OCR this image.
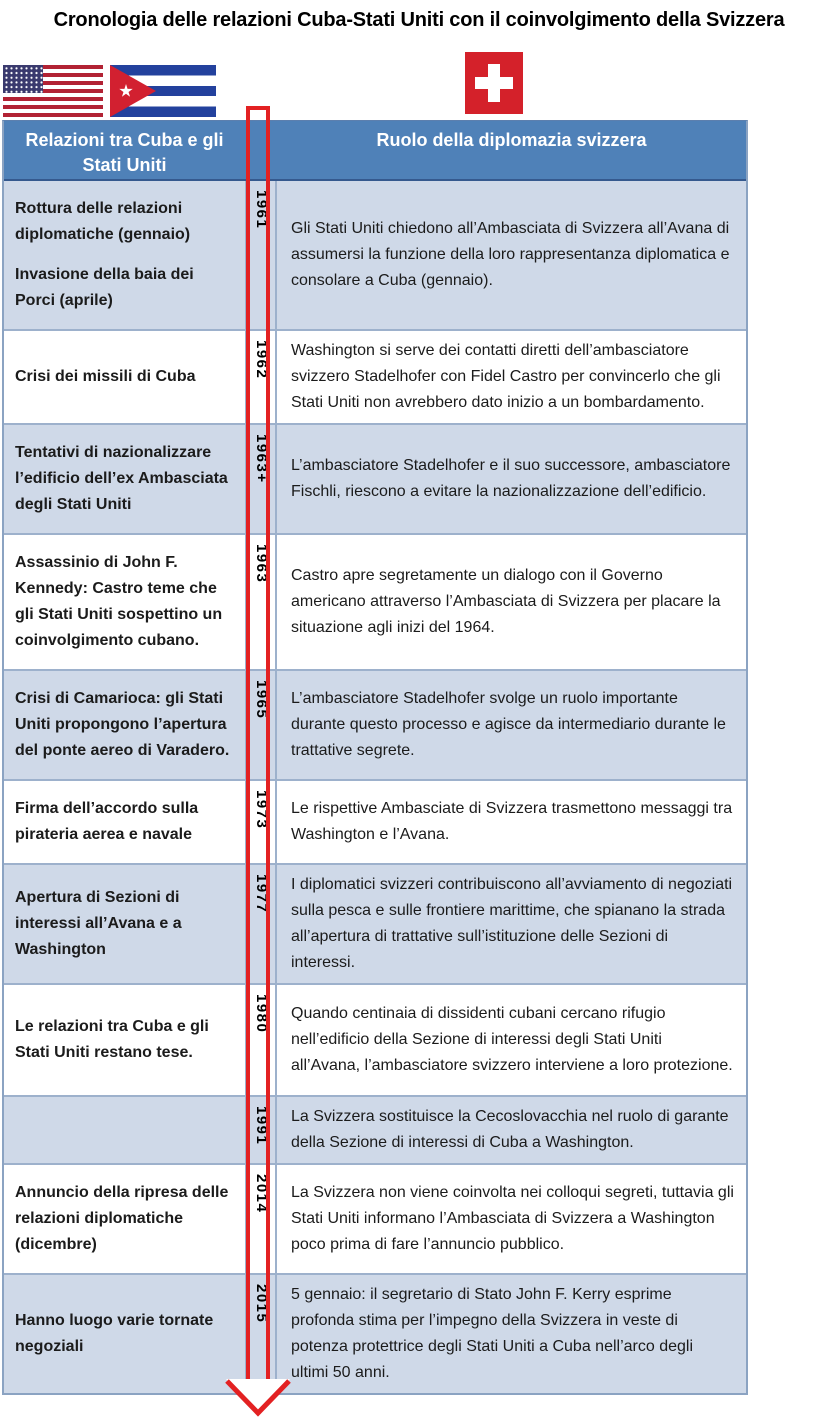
Cronologia delle relazioni Cuba-Stati Uniti con il coinvolgimento della Svizzera
Relazioni tra Cuba e gli Stati Uniti
Ruolo della diplomazia svizzera

Rottura delle relazioni diplomatiche (gennaio)

Invasione della baia dei Porci (aprile)

1961 Gli Stati Uniti chiedono all’Ambasciata di Svizzera all’Avana di assumersi la funzione della loro rappresentanza diplomatica e consolare a Cuba (gennaio).

Crisi dei missili di Cuba	1962 Washington si serve dei contatti diretti dell’ambasciatore svizzero Stadelhofer con Fidel Castro per convincerlo che gli Stati Uniti non avrebbero dato inizio a un bombardamento.

Tentativi di nazionalizzare l’edificio dell’ex Ambasciata degli Stati Uniti

1963+ L’ambasciatore Stadelhofer e il suo successore, ambasciatore Fischli, riescono a evitare la nazionalizzazione dell’edificio.

Assassinio di John F. Kennedy: Castro teme che gli Stati Uniti sospettino un coinvolgimento cubano.

1963 Castro apre segretamente un dialogo con il Governo americano attraverso l’Ambasciata di Svizzera per placare la situazione agli inizi del 1964.

Crisi di Camarioca: gli Stati Uniti propongono l’apertura del ponte aereo di Varadero.

1965 L’ambasciatore Stadelhofer svolge un ruolo importante durante questo processo e agisce da intermediario durante le trattative segrete.

Firma dell’accordo sulla pirateria aerea e navale

1973 Le rispettive Ambasciate di Svizzera trasmettono messaggi tra Washington e l’Avana.

Apertura di Sezioni di interessi all’Avana e a Washington

1977 I diplomatici svizzeri contribuiscono all’avviamento di negoziati sulla pesca e sulle frontiere marittime, che spianano la strada all’apertura di trattative sull’istituzione delle Sezioni di interessi.

Le relazioni tra Cuba e gli Stati Uniti restano tese.

1980 Quando centinaia di dissidenti cubani cercano rifugio nell’edificio della Sezione di interessi degli Stati Uniti all’Avana, l’ambasciatore svizzero interviene a loro protezione.

1991 La Svizzera sostituisce la Cecoslovacchia nel ruolo di garante della Sezione di interessi di Cuba a Washington.

Annuncio della ripresa delle relazioni diplomatiche (dicembre)

2014 La Svizzera non viene coinvolta nei colloqui segreti, tuttavia gli Stati Uniti informano l’Ambasciata di Svizzera a Washington poco prima di fare l’annuncio pubblico.

Hanno luogo varie tornate negoziali

2015 5 gennaio: il segretario di Stato John F. Kerry esprime profonda stima per l’impegno della Svizzera in veste di potenza protettrice degli Stati Uniti a Cuba nell’arco degli ultimi 50 anni.
